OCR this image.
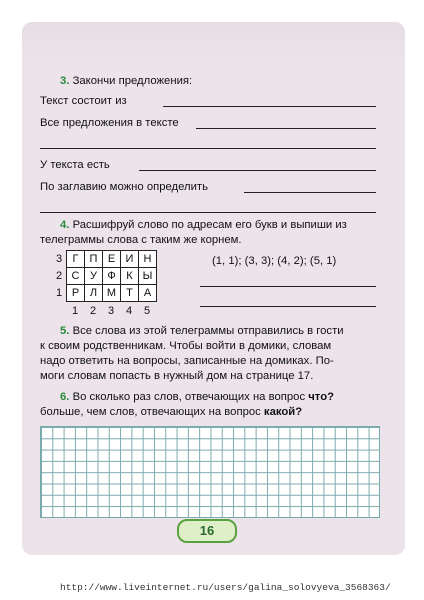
3. Закончи предложения:
Текст состоит из
Все предложения в тексте
У текста есть
По заглавию можно определить
4. Расшифруй слово по адресам его букв и выпиши из
телеграммы слова с таким же корнем.
3
2
1
Г	П	Е	И	Н
С	У	Ф	К	Ы
Р	Л	М	Т	А
1 2 3 4 5
(1, 1); (3, 3); (4, 2); (5, 1)
5. Все слова из этой телеграммы отправились в гости
к своим родственникам. Чтобы войти в домики, словам
надо ответить на вопросы, записанные на домиках. По-
моги словам попасть в нужный дом на странице 17.
6. Во сколько раз слов, отвечающих на вопрос что?
больше, чем слов, отвечающих на вопрос какой?
16
http://www.liveinternet.ru/users/galina_solovyeva_3568363/
